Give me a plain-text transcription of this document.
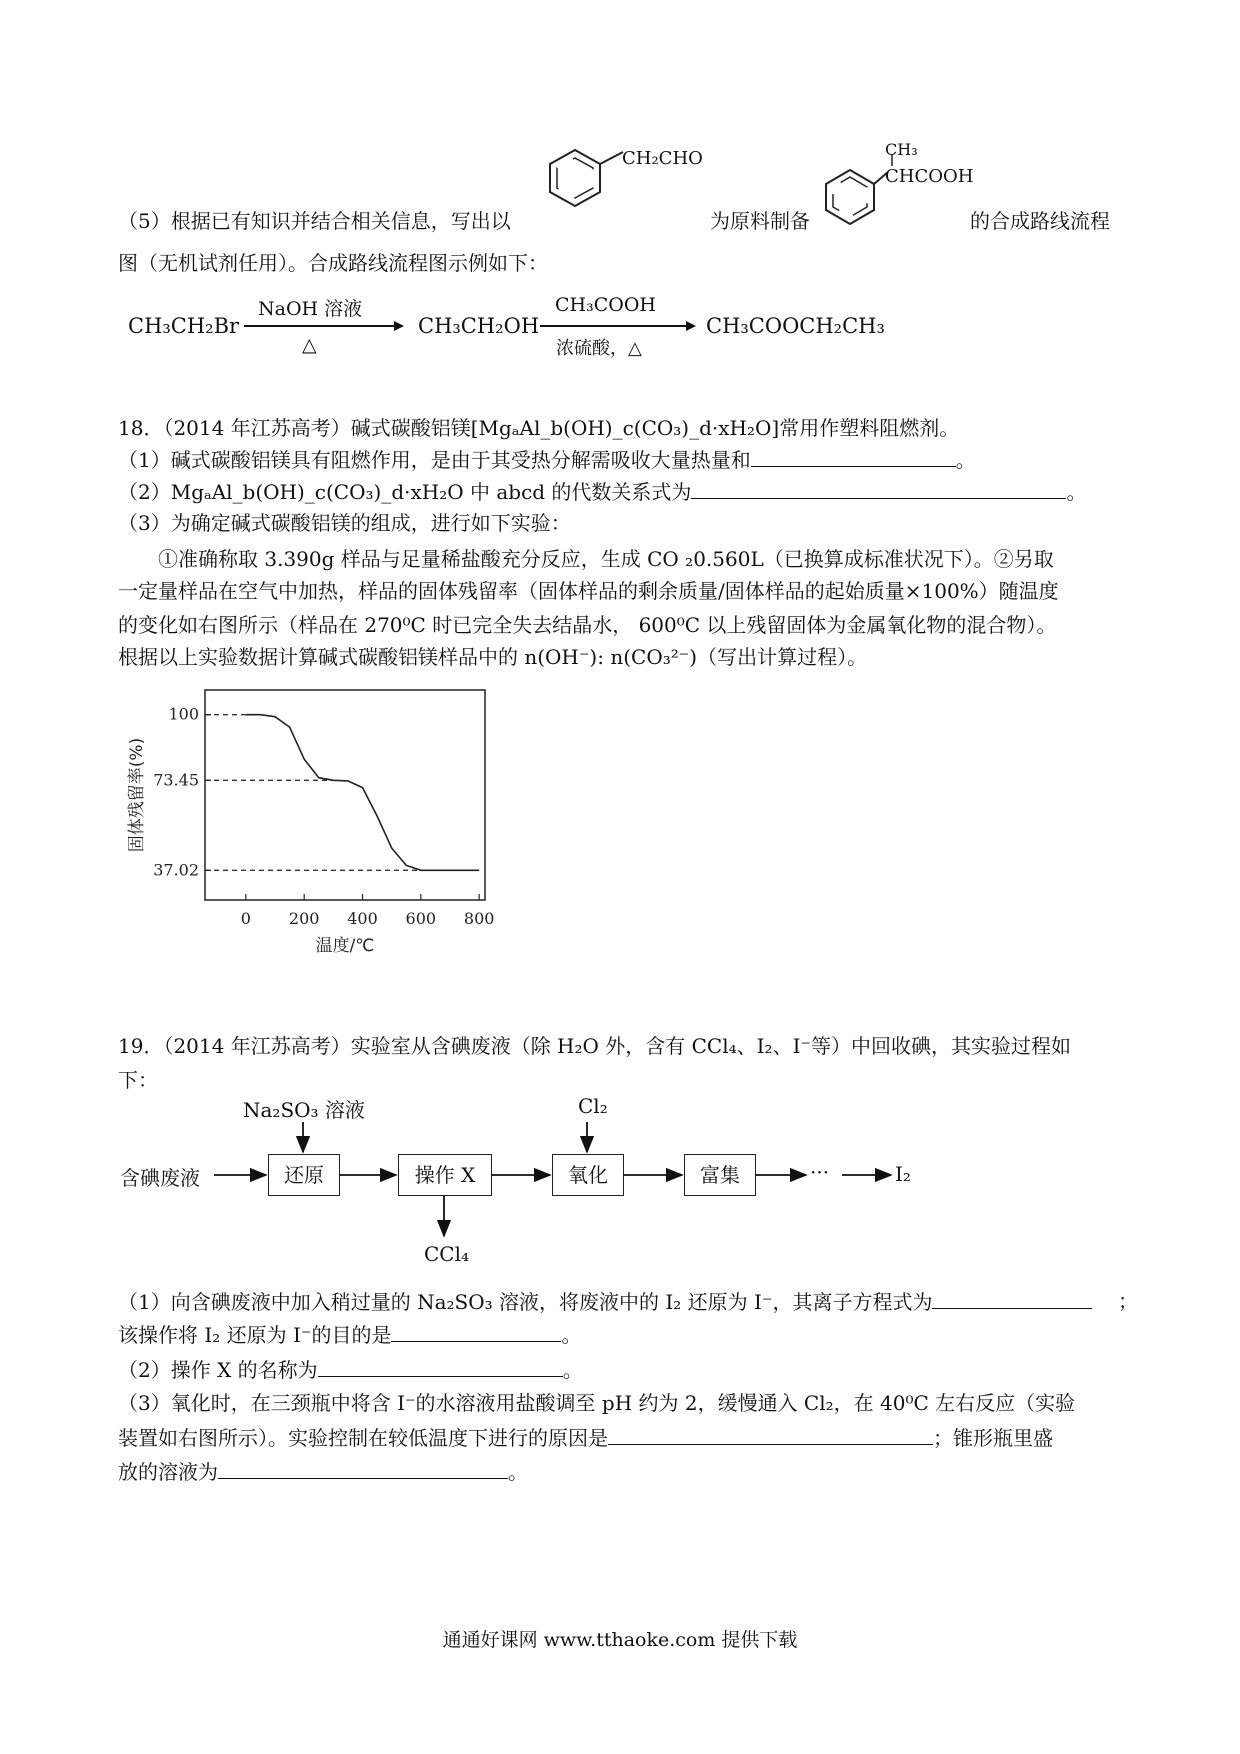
CH₂CHO	CH₃
CHCOOH
（5）根据已有知识并结合相关信息，写出以	为原料制备	的合成路线流程
图（无机试剂任用）。合成路线流程图示例如下：
CH₃CH₂Br
NaOH 溶液
△
CH₃CH₂OH
CH₃COOH
浓硫酸，△
CH₃COOCH₂CH₃
18．（2014 年江苏高考）碱式碳酸铝镁[MgₐAl_b(OH)_c(CO₃)_d·xH₂O]常用作塑料阻燃剂。
（1）碱式碳酸铝镁具有阻燃作用，是由于其受热分解需吸收大量热量和	。
（2）MgₐAl_b(OH)_c(CO₃)_d·xH₂O 中 abcd 的代数关系式为	。
（3）为确定碱式碳酸铝镁的组成，进行如下实验：
①准确称取 3.390g 样品与足量稀盐酸充分反应，生成 CO ₂0.560L（已换算成标准状况下）。②另取
一定量样品在空气中加热，样品的固体残留率（固体样品的剩余质量/固体样品的起始质量×100%）随温度
的变化如右图所示（样品在 270⁰C 时已完全失去结晶水， 600⁰C 以上残留固体为金属氧化物的混合物）。
根据以上实验数据计算碱式碳酸铝镁样品中的 n(OH⁻): n(CO₃²⁻)（写出计算过程）。
0 200 400 600 800
100
73.45
37.02
固体残留率(%)
温度/℃
19．（2014 年江苏高考）实验室从含碘废液（除 H₂O 外，含有 CCl₄、I₂、I⁻等）中回收碘，其实验过程如
下：
含碘废液
Na₂SO₃ 溶液	Cl₂
还原	操作 X	氧化	富集
CCl₄
···	I₂
（1）向含碘废液中加入稍过量的 Na₂SO₃ 溶液，将废液中的 I₂ 还原为 I⁻，其离子方程式为	；
该操作将 I₂ 还原为 I⁻的目的是	。
（2）操作 X 的名称为	。
（3）氧化时，在三颈瓶中将含 I⁻的水溶液用盐酸调至 pH 约为 2，缓慢通入 Cl₂，在 40⁰C 左右反应（实验
装置如右图所示）。实验控制在较低温度下进行的原因是	；锥形瓶里盛
放的溶液为	。
通通好课网 www.tthaoke.com 提供下载
